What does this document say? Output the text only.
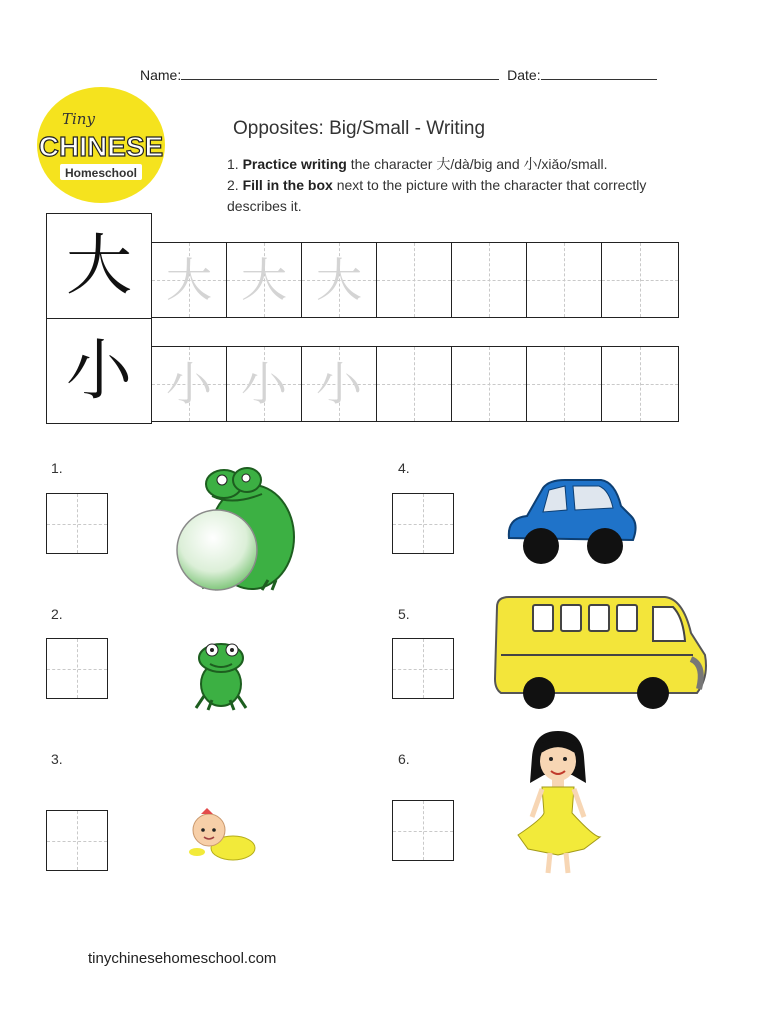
Name:	Date:
Tiny
CHINESE
Homeschool
Opposites: Big/Small - Writing
1. Practice writing the character 大/dà/big and 小/xiǎo/small.
2. Fill in the box next to the picture with the character that correctly describes it.
大 大 大 大
小 小 小 小
1.
2.
3.
4.
5.
6.
tinychinesehomeschool.com
